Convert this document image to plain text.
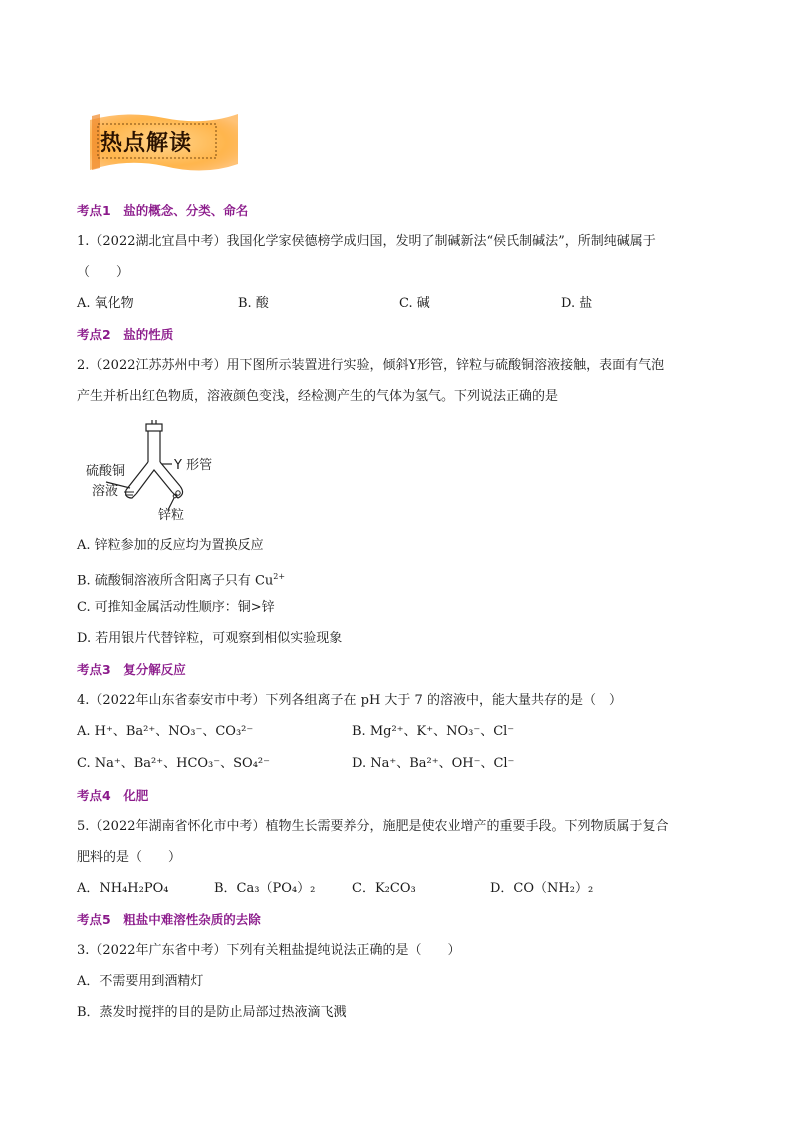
热点解读
考点1　盐的概念、分类、命名
1.（2022湖北宜昌中考）我国化学家侯德榜学成归国，发明了制碱新法“侯氏制碱法”，所制纯碱属于
（　　）
A. 氧化物	B. 酸	C. 碱	D. 盐
考点2　盐的性质
2.（2022江苏苏州中考）用下图所示装置进行实验，倾斜Y形管，锌粒与硫酸铜溶液接触，表面有气泡
产生并析出红色物质，溶液颜色变浅，经检测产生的气体为氢气。下列说法正确的是
Y 形管
硫酸铜
溶液
锌粒
A. 锌粒参加的反应均为置换反应
B. 硫酸铜溶液所含阳离子只有 $Cu^{2+}$
C. 可推知金属活动性顺序：铜>锌
D. 若用银片代替锌粒，可观察到相似实验现象
考点3　复分解反应
4.（2022年山东省泰安市中考）下列各组离子在 pH 大于 7 的溶液中，能大量共存的是（　）
A. H⁺、Ba²⁺、NO₃⁻、CO₃²⁻	B. Mg²⁺、K⁺、NO₃⁻、Cl⁻
C. Na⁺、Ba²⁺、HCO₃⁻、SO₄²⁻	D. Na⁺、Ba²⁺、OH⁻、Cl⁻
考点4　化肥
5.（2022年湖南省怀化市中考）植物生长需要养分，施肥是使农业增产的重要手段。下列物质属于复合
肥料的是（　　）
A．NH₄H₂PO₄	B．Ca₃（PO₄）₂	C．K₂CO₃	D．CO（NH₂）₂
考点5　粗盐中难溶性杂质的去除
3.（2022年广东省中考）下列有关粗盐提纯说法正确的是（　　）
A．不需要用到酒精灯
B．蒸发时搅拌的目的是防止局部过热液滴飞溅
